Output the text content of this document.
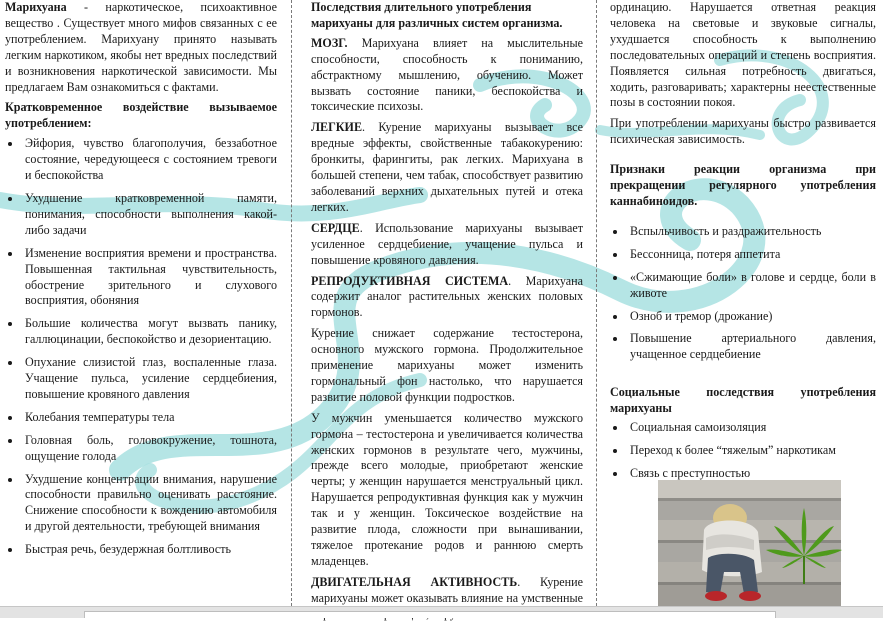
Марихуана - наркотическое, психоактивное вещество . Существует много мифов связанных с ее употреблением. Марихуану принято называть легким наркотиком, якобы нет вредных последствий и возникновения наркотической зависимости. Мы предлагаем Вам ознакомиться с фактами.

Кратковременное воздействие вызываемое употреблением:

Эйфория, чувство благополучия, беззаботное состояние, чередующееся с состоянием тревоги и беспокойства
Ухудшение кратковременной памяти, понимания, способности выполнения какой-либо задачи
Изменение восприятия времени и пространства. Повышенная тактильная чувствительность, обострение зрительного и слухового восприятия, обоняния
Большие количества могут вызвать панику, галлюцинации, беспокойство и дезориентацию.
Опухание слизистой глаз, воспаленные глаза. Учащение пульса, усиление сердцебиения, повышение кровяного давления
Колебания температуры тела
Головная боль, головокружение, тошнота, ощущение голода
Ухудшение концентрации внимания, нарушение способности правильно оценивать расстояние. Снижение способности к вождению автомобиля и другой деятельности, требующей внимания
Быстрая речь, безудержная болтливость

Последствия длительного употребления марихуаны для различных систем организма.

МОЗГ. Марихуана влияет на мыслительные способности, способность к пониманию, абстрактному мышлению, обучению. Может вызвать состояние паники, беспокойства и токсические психозы.

ЛЕГКИЕ. Курение марихуаны вызывает все вредные эффекты, свойственные табакокурению: бронкиты, фарингиты, рак легких. Марихуана в большей степени, чем табак, способствует развитию заболеваний верхних дыхательных путей и отека легких.

СЕРДЦЕ. Использование марихуаны вызывает усиленное сердцебиение, учащение пульса и повышение кровяного давления.

РЕПРОДУКТИВНАЯ СИСТЕМА. Марихуана содержит аналог растительных женских половых гормонов.

Курение снижает содержание тестостерона, основного мужского гормона. Продолжительное применение марихуаны может изменить гормональный фон настолько, что нарушается развитие половой функции подростков.

У мужчин уменьшается количество мужского гормона – тестостерона и увеличивается количества женских гормонов в результате чего, мужчины, прежде всего молодые, приобретают женские черты; у женщин нарушается менструальный цикл. Нарушается репродуктивная функция как у мужчин так и у женщин. Токсическое воздействие на развитие плода, сложности при вынашивании, тяжелое протекание родов и раннюю смерть младенцев.

ДВИГАТЕЛЬНАЯ АКТИВНОСТЬ. Курение марихуаны может оказывать влияние на умственные

ординацию. Нарушается ответная реакция человека на световые и звуковые сигналы, ухудшается способность к выполнению последовательных операций и степень восприятия. Появляется сильная потребность двигаться, ходить, разговаривать; характерны неестественные позы в состоянии покоя.

При употреблении марихуаны быстро развивается психическая зависимость.

Признаки реакции организма при прекращении регулярного употребления каннабиноидов.

Вспыльчивость и раздражительность
Бессонница, потеря аппетита
«Сжимающие боли» в голове и сердце, боли в животе
Озноб и тремор (дрожание)
Повышение артериального давления, учащенное сердцебиение

Социальные последствия употребления марихуаны

Социальная самоизоляция
Переход к более “тяжелым” наркотикам
Связь с преступностью
